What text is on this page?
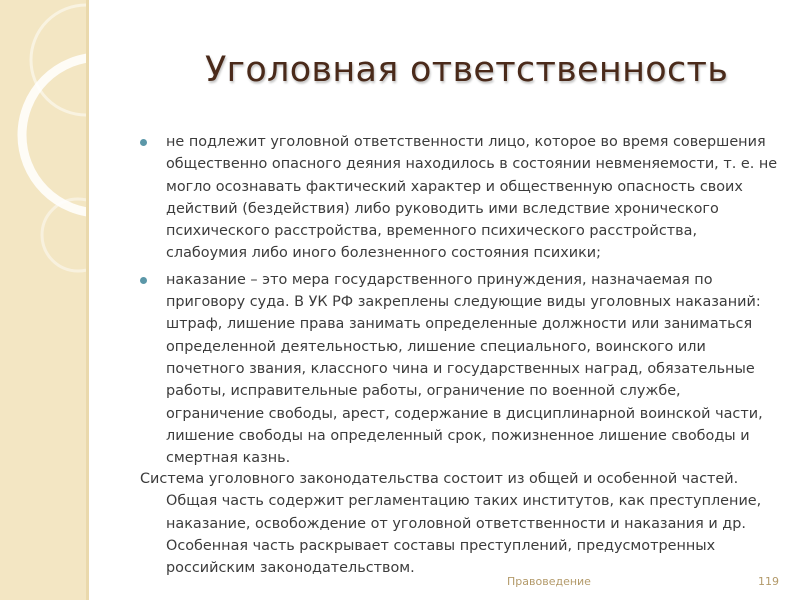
Уголовная ответственность
не подлежит уголовной ответственности лицо, которое во время совершения
общественно опасного деяния находилось в состоянии невменяемости, т. е. не
могло осознавать фактический характер и общественную опасность своих
действий (бездействия) либо руководить ими вследствие хронического
психического расстройства, временного психического расстройства,
слабоумия либо иного болезненного состояния психики;
наказание – это мера государственного принуждения, назначаемая по
приговору суда. В УК РФ закреплены следующие виды уголовных наказаний:
штраф, лишение права занимать определенные должности или заниматься
определенной деятельностью, лишение специального, воинского или
почетного звания, классного чина и государственных наград, обязательные
работы, исправительные работы, ограничение по военной службе,
ограничение свободы, арест, содержание в дисциплинарной воинской части,
лишение свободы на определенный срок, пожизненное лишение свободы и
смертная казнь.
Система уголовного законодательства состоит из общей и особенной частей.
Общая часть содержит регламентацию таких институтов, как преступление,
наказание, освобождение от уголовной ответственности и наказания и др.
Особенная часть раскрывает составы преступлений, предусмотренных
российским законодательством.
Правоведение	119
